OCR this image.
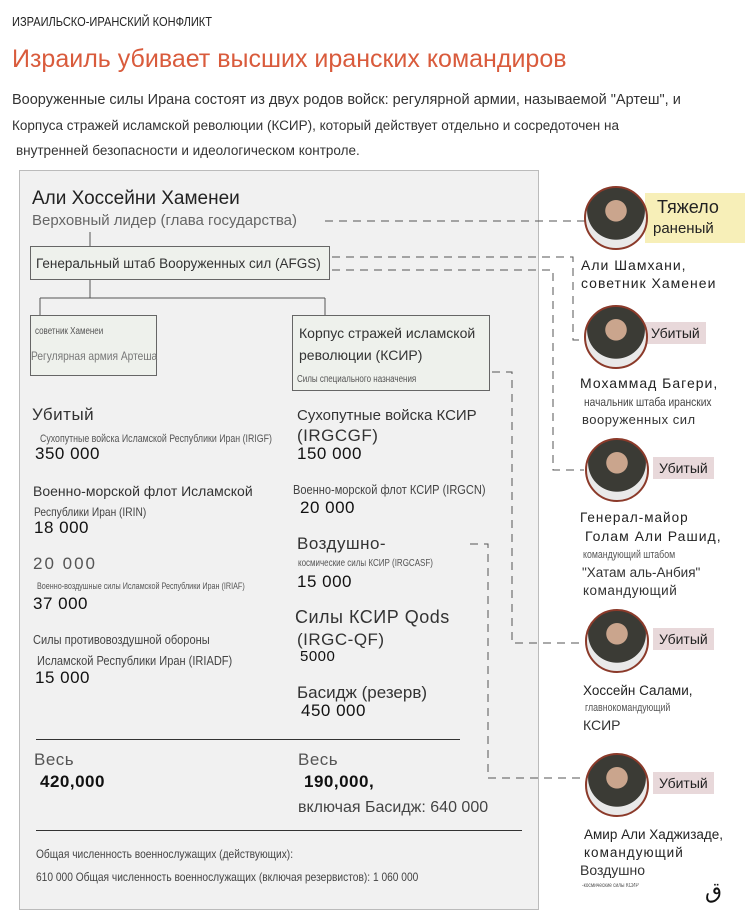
ИЗРАИЛЬСКО-ИРАНСКИЙ КОНФЛИКТ
Израиль убивает высших иранских командиров
Вооруженные силы Ирана состоят из двух родов войск: регулярной армии, называемой "Артеш", и
Корпуса стражей исламской революции (КСИР), который действует отдельно и сосредоточен на
внутренней безопасности и идеологическом контроле.
Али Хоссейни Хаменеи
Верховный лидер (глава государства)
Генеральный штаб Вооруженных сил (AFGS)
советник Хаменеи
Регулярная армия Артеша
Корпус стражей исламской
революции (КСИР)
Силы специального назначения
Убитый
Сухопутные войска Исламской Республики Иран (IRIGF)
350 000
Военно-морской флот Исламской
Республики Иран (IRIN)
18 000
20 000
Военно-воздушные силы Исламской Республики Иран (IRIAF)
37 000
Силы противовоздушной обороны
Исламской Республики Иран (IRIADF)
15 000
Сухопутные войска КСИР
(IRGCGF)
150 000
Военно-морской флот КСИР (IRGCN)
20 000
Воздушно-
космические силы КСИР (IRGCASF)
15 000
Силы КСИР Qods
(IRGC-QF)
5000
Басидж (резерв)
450 000
Весь
420,000
Весь
190,000,
включая Басидж: 640 000
Общая численность военнослужащих (действующих):
610 000 Общая численность военнослужащих (включая резервистов): 1 060 000
Тяжело
раненый
Али Шамхани,
советник Хаменеи
Убитый
Мохаммад Багери,
начальник штаба иранских
вооруженных сил
Убитый
Генерал-майор
Голам Али Рашид,
командующий штабом
"Хатам аль-Анбия"
командующий
Убитый
Хоссейн Салами,
главнокомандующий
КСИР
Убитый
Амир Али Хаджизаде,
командующий
Воздушно
-космические силы КСИР	ﻕ
